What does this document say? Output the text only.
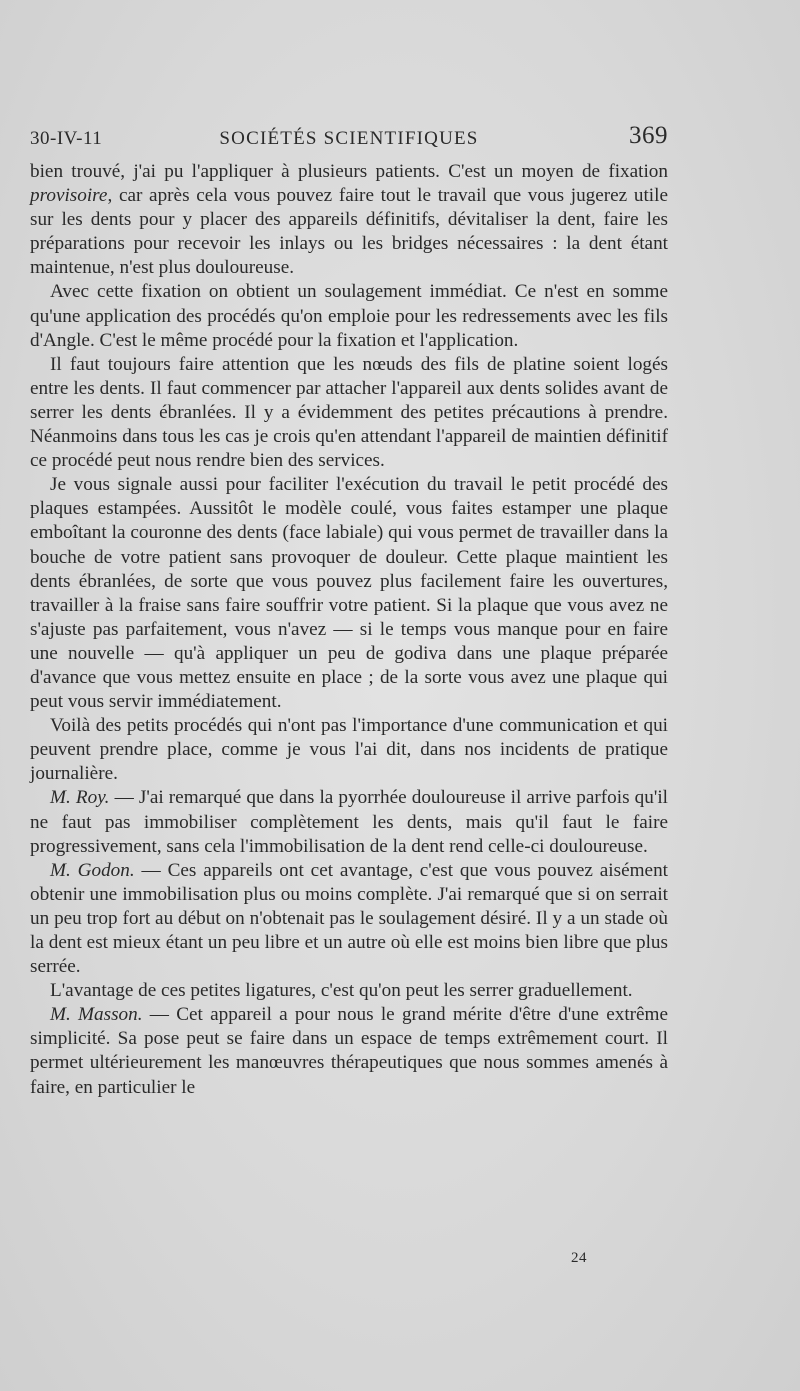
30-IV-11	SOCIÉTÉS SCIENTIFIQUES	369

bien trouvé, j'ai pu l'appliquer à plusieurs patients. C'est un moyen de fixation provisoire, car après cela vous pouvez faire tout le travail que vous jugerez utile sur les dents pour y placer des appareils définitifs, dévitaliser la dent, faire les préparations pour recevoir les inlays ou les bridges nécessaires : la dent étant maintenue, n'est plus douloureuse.

Avec cette fixation on obtient un soulagement immédiat. Ce n'est en somme qu'une application des procédés qu'on emploie pour les redressements avec les fils d'Angle. C'est le même procédé pour la fixation et l'application.

Il faut toujours faire attention que les nœuds des fils de platine soient logés entre les dents. Il faut commencer par attacher l'appareil aux dents solides avant de serrer les dents ébranlées. Il y a évidemment des petites précautions à prendre. Néanmoins dans tous les cas je crois qu'en attendant l'appareil de maintien définitif ce procédé peut nous rendre bien des services.

Je vous signale aussi pour faciliter l'exécution du travail le petit procédé des plaques estampées. Aussitôt le modèle coulé, vous faites estamper une plaque emboîtant la couronne des dents (face labiale) qui vous permet de travailler dans la bouche de votre patient sans provoquer de douleur. Cette plaque maintient les dents ébranlées, de sorte que vous pouvez plus facilement faire les ouvertures, travailler à la fraise sans faire souffrir votre patient. Si la plaque que vous avez ne s'ajuste pas parfaitement, vous n'avez — si le temps vous manque pour en faire une nouvelle — qu'à appliquer un peu de godiva dans une plaque préparée d'avance que vous mettez ensuite en place ; de la sorte vous avez une plaque qui peut vous servir immédiatement.

Voilà des petits procédés qui n'ont pas l'importance d'une communication et qui peuvent prendre place, comme je vous l'ai dit, dans nos incidents de pratique journalière.

M. Roy. — J'ai remarqué que dans la pyorrhée douloureuse il arrive parfois qu'il ne faut pas immobiliser complètement les dents, mais qu'il faut le faire progressivement, sans cela l'immobilisation de la dent rend celle-ci douloureuse.

M. Godon. — Ces appareils ont cet avantage, c'est que vous pouvez aisément obtenir une immobilisation plus ou moins complète. J'ai remarqué que si on serrait un peu trop fort au début on n'obtenait pas le soulagement désiré. Il y a un stade où la dent est mieux étant un peu libre et un autre où elle est moins bien libre que plus serrée.

L'avantage de ces petites ligatures, c'est qu'on peut les serrer graduellement.

M. Masson. — Cet appareil a pour nous le grand mérite d'être d'une extrême simplicité. Sa pose peut se faire dans un espace de temps extrêmement court. Il permet ultérieurement les manœuvres thérapeutiques que nous sommes amenés à faire, en particulier le

24
